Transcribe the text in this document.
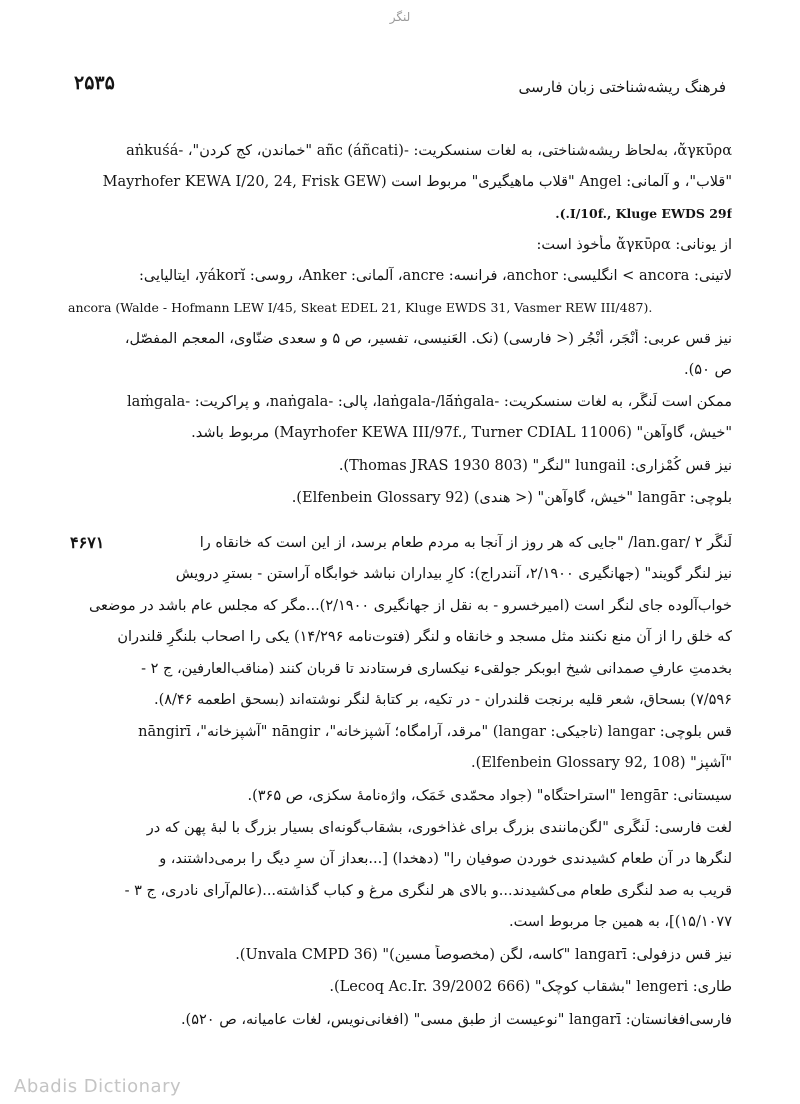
لنگر
۲۵۳۵	فرهنگ ریشه‌شناختی زبان فارسی
۴۶۷۱
ἄγκῡρα، به‌لحاظ ریشه‌شناختی، به لغات سنسکریت: -añc (áñcati) "خماندن، کج کردن"، -aṅkuśá
"قلاب"، و آلمانی: Angel "قلاب ماهیگیری" مربوط است (Mayrhofer KEWA I/20, 24, Frisk GEW
I/10f., Kluge EWDS 29f.).
از یونانی: ἄγκῡρα مأخوذ است:
لاتینی: ancora > انگلیسی: anchor، فرانسه: ancre، آلمانی: Anker، روسی: yákorĭ، ایتالیایی:
ancora (Walde - Hofmann LEW I/45, Skeat EDEL 21, Kluge EWDS 31, Vasmer REW III/487).
نیز قس عربی: أنْجَر، أنْجُر (< فارسی) (نک. العَنیسی، تفسیر، ص ۵ و سعدی ضنّاوی، المعجم المفصّل،
ص ۵۰).
ممکن است لَنگَر، به لغات سنسکریت: -laṅgala-/lā́ṅgala، پالی: -naṅgala، و پراکریت: -laṁgala
"خیش، گاوآهن" (Mayrhofer KEWA III/97f., Turner CDIAL 11006) مربوط باشد.
نیز قس کُمْزاری: lungail "لنگر" (Thomas JRAS 1930 803).
بلوچی: langār "خیش، گاوآهن" (< هندی) (Elfenbein Glossary 92).
لَنگَر ۲ /lan.gar/ "جایی که هر روز از آنجا به مردم طعام برسد، از این است که خانقاه را
نیز لنگر گویند" (جهانگیری ۲/۱۹۰۰، آنندراج): کارِ بیداران نباشد خوابگاه آراستن - بسترِ درویش
خواب‌آلوده جای لنگر است (امیرخسرو - به نقل از جهانگیری ۲/۱۹۰۰)...مگر که مجلس عام باشد در موضعی
که خلق را از آن منع نکنند مثل مسجد و خانقاه و لنگر (فتوت‌نامه ۱۴/۲۹۶) یکی را اصحاب بلنگرِ قلندران
بخدمتِ عارفِ صمدانی شیخ ابوبکر جولقیء نیکساری فرستادند تا قربان کنند (مناقب‌العارفین، ج ۲ -
۷/۵۹۶) بسحاق، شعر قلیه برنجت قلندران - در تکیه، بر کتابهٔ لنگر نوشته‌اند (بسحق اطعمه ۸/۴۶).
قس بلوچی: langar (تاجیکی: langar) "مرقد، آرامگاه؛ آشپزخانه"، nāngir "آشپزخانه"، nāngirī
"آشپز" (Elfenbein Glossary 92, 108).
سیستانی: lengār "استراحتگاه" (جواد محمّدی خَمَک، واژه‌نامهٔ سکزی، ص ۳۶۵).
لغت فارسی: لَنگَری "لگن‌مانندی بزرگ برای غذاخوری، بشقاب‌گونه‌ای بسیار بزرگ با لبهٔ پهن که در
لنگرها در آن طعام کشیدندی خوردن صوفیان را" (دهخدا) [...بعداز آن سرِ دیگ را برمی‌داشتند، و
قریب به صد لنگری طعام می‌کشیدند...و بالای هر لنگری مرغ و کباب گذاشته...(عالم‌آرای نادری، ج ۳ -
۱۵/۱۰۷۷)]، به همین جا مربوط است.
نیز قس دزفولی: langarī "کاسه، لگن (مخصوصاً مسین)" (Unvala CMPD 36).
طاری: lengeri "بشقاب کوچک" (Lecoq Ac.Ir. 39/2002 666).
فارسی‌افغانستان: langarī "نوعیست از طبق مسی" (افغانی‌نویس، لغات عامیانه، ص ۵۲۰).
Abadis Dictionary
